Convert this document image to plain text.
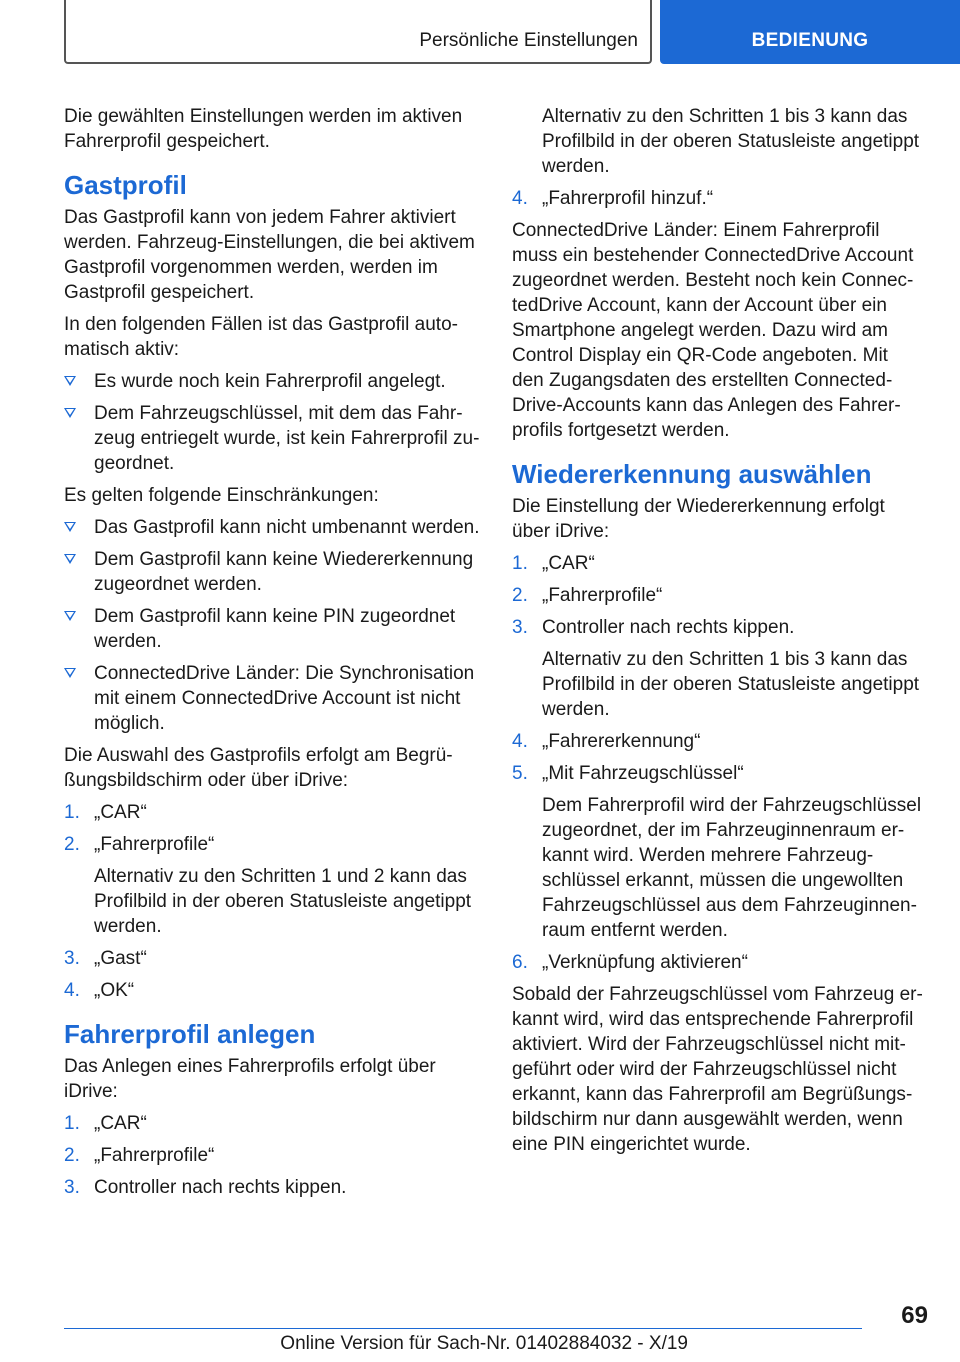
Persönliche Einstellungen	BEDIENUNG

Die gewählten Einstellungen werden im aktiven Fahrerprofil gespeichert.

Gastprofil

Das Gastprofil kann von jedem Fahrer aktiviert werden. Fahrzeug-Einstellungen, die bei aktivem Gastprofil vorgenommen werden, werden im Gastprofil gespeichert.

In den folgenden Fällen ist das Gastprofil automatisch aktiv:

Es wurde noch kein Fahrerprofil angelegt.
Dem Fahrzeugschlüssel, mit dem das Fahrzeug entriegelt wurde, ist kein Fahrerprofil zugeordnet.

Es gelten folgende Einschränkungen:

Das Gastprofil kann nicht umbenannt werden.
Dem Gastprofil kann keine Wiedererkennung zugeordnet werden.
Dem Gastprofil kann keine PIN zugeordnet werden.
ConnectedDrive Länder: Die Synchronisation mit einem ConnectedDrive Account ist nicht möglich.

Die Auswahl des Gastprofils erfolgt am Begrüßungsbildschirm oder über iDrive:

1. „CAR“
2. „Fahrerprofile“
Alternativ zu den Schritten 1 und 2 kann das Profilbild in der oberen Statusleiste angetippt werden.
3. „Gast“
4. „OK“
Fahrerprofil anlegen

Das Anlegen eines Fahrerprofils erfolgt über iDrive:

1. „CAR“
2. „Fahrerprofile“
3. Controller nach rechts kippen.
Alternativ zu den Schritten 1 bis 3 kann das Profilbild in der oberen Statusleiste angetippt werden.
4. „Fahrerprofil hinzuf.“

ConnectedDrive Länder: Einem Fahrerprofil muss ein bestehender ConnectedDrive Account zugeordnet werden. Besteht noch kein ConnectedDrive Account, kann der Account über ein Smartphone angelegt werden. Dazu wird am Control Display ein QR-Code angeboten. Mit den Zugangsdaten des erstellten ConnectedDrive-Accounts kann das Anlegen des Fahrerprofils fortgesetzt werden.

Wiedererkennung auswählen

Die Einstellung der Wiedererkennung erfolgt über iDrive:

1. „CAR“
2. „Fahrerprofile“
3. Controller nach rechts kippen.
Alternativ zu den Schritten 1 bis 3 kann das Profilbild in der oberen Statusleiste angetippt werden.
4. „Fahrererkennung“
5. „Mit Fahrzeugschlüssel“
Dem Fahrerprofil wird der Fahrzeugschlüssel zugeordnet, der im Fahrzeuginnenraum erkannt wird. Werden mehrere Fahrzeugschlüssel erkannt, müssen die ungewollten Fahrzeugschlüssel aus dem Fahrzeuginnenraum entfernt werden.
6. „Verknüpfung aktivieren“

Sobald der Fahrzeugschlüssel vom Fahrzeug erkannt wird, wird das entsprechende Fahrerprofil aktiviert. Wird der Fahrzeugschlüssel nicht mitgeführt oder wird der Fahrzeugschlüssel nicht erkannt, kann das Fahrerprofil am Begrüßungsbildschirm nur dann ausgewählt werden, wenn eine PIN eingerichtet wurde.

69
Online Version für Sach-Nr. 01402884032 - X/19
